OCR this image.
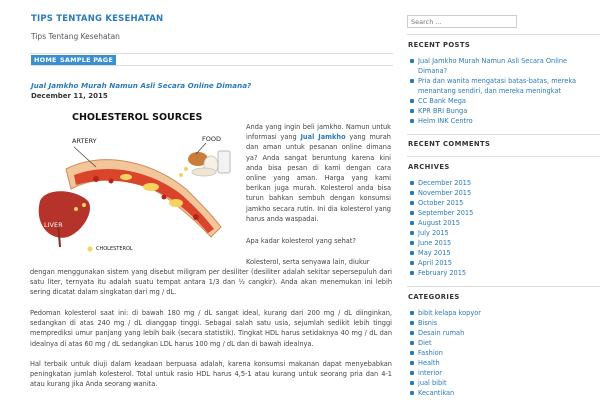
TIPS TENTANG KESEHATAN
Tips Tentang Kesehatan
HOME SAMPLE PAGE
Jual Jamkho Murah Namun Asli Secara Online Dimana?
December 11, 2015
CHOLESTEROL SOURCES
ARTERY	FOOD
LIVER
CHOLESTEROL
Anda yang ingin beli jamkho. Namun untuk informasi yang Jual Jamkho yang murah dan aman untuk pesanan online dimana ya? Anda sangat beruntung karena kini anda bisa pesan di kami dengan cara online yang aman. Harga yang kami berikan juga murah. Kolesterol anda bisa turun bahkan sembuh dengan konsumsi jamkho secara rutin. Ini dia kolesterol yang harus anda waspadai.
Apa kadar kolesterol yang sehat?
Kolesterol, serta senyawa lain, diukur
dengan menggunakan sistem yang disebut miligram per desiliter (desiliter adalah sekitar sepersepuluh dari satu liter, ternyata itu adalah suatu tempat antara 1/3 dan ½ cangkir). Anda akan menemukan ini lebih sering dicatat dalam singkatan dari mg / dL.
Pedoman kolesterol saat ini: di bawah 180 mg / dL sangat ideal, kurang dari 200 mg / dL diinginkan, sedangkan di atas 240 mg / dL dianggap tinggi. Sebagai salah satu usia, sejumlah sedikit lebih tinggi memprediksi umur panjang yang lebih baik (secara statistik). Tingkat HDL harus setidaknya 40 mg / dL dan idealnya di atas 60 mg / dL sedangkan LDL harus 100 mg / dL dan di bawah idealnya.
Hal terbaik untuk diuji dalam keadaan berpuasa adalah, karena konsumsi makanan dapat menyebabkan peningkatan jumlah kolesterol. Total untuk rasio HDL harus 4,5-1 atau kurang untuk seorang pria dan 4-1 atau kurang jika Anda seorang wanita.
Search ...
RECENT POSTS
Jual Jamkho Murah Namun Asli Secara Online Dimana?
Pria dan wanita mengatasi batas-batas, mereka menantang sendiri, dan mereka meningkat
CC Bank Mega
KPR BRI Bunga
Helm INK Centro
RECENT COMMENTS
ARCHIVES
December 2015
November 2015
October 2015
September 2015
August 2015
July 2015
June 2015
May 2015
April 2015
February 2015
CATEGORIES
bibit kelapa kopyor
Bisnis
Desain rumah
Diet
Fashion
Health
interior
jual bibit
Kecantikan
